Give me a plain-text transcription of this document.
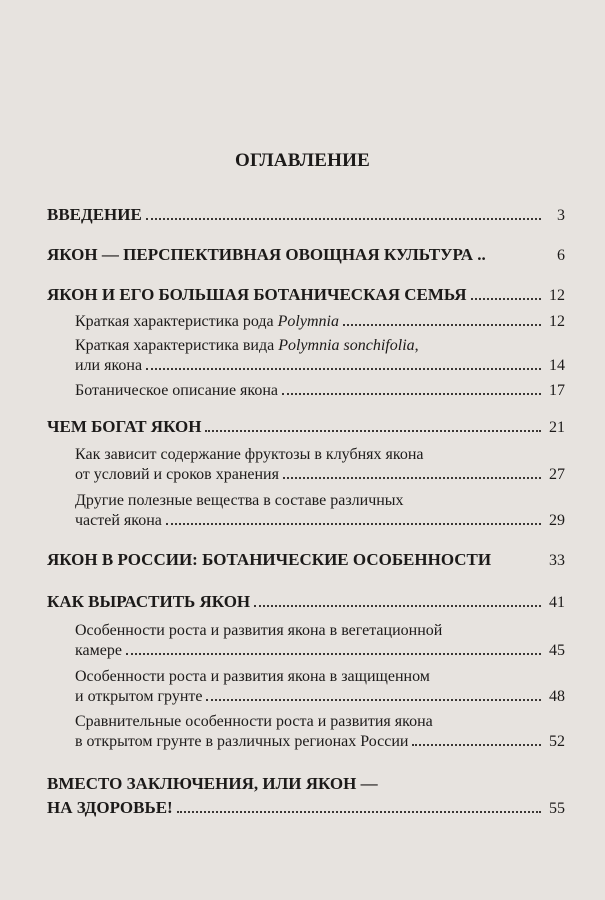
ОГЛАВЛЕНИЕ
ВВЕДЕНИЕ	3
ЯКОН — ПЕРСПЕКТИВНАЯ ОВОЩНАЯ КУЛЬТУРА ..	6
ЯКОН И ЕГО БОЛЬШАЯ БОТАНИЧЕСКАЯ СЕМЬЯ	12
Краткая характеристика рода Polymnia	12
Краткая характеристика вида Polymnia sonchifolia,
или якона	14
Ботаническое описание якона	17
ЧЕМ БОГАТ ЯКОН	21
Как зависит содержание фруктозы в клубнях якона
от условий и сроков хранения	27
Другие полезные вещества в составе различных
частей якона	29
ЯКОН В РОССИИ: БОТАНИЧЕСКИЕ ОСОБЕННОСТИ	33
КАК ВЫРАСТИТЬ ЯКОН	41
Особенности роста и развития якона в вегетационной
камере	45
Особенности роста и развития якона в защищенном
и открытом грунте	48
Сравнительные особенности роста и развития якона
в открытом грунте в различных регионах России	52
ВМЕСТО ЗАКЛЮЧЕНИЯ, ИЛИ ЯКОН —
НА ЗДОРОВЬЕ!	55
